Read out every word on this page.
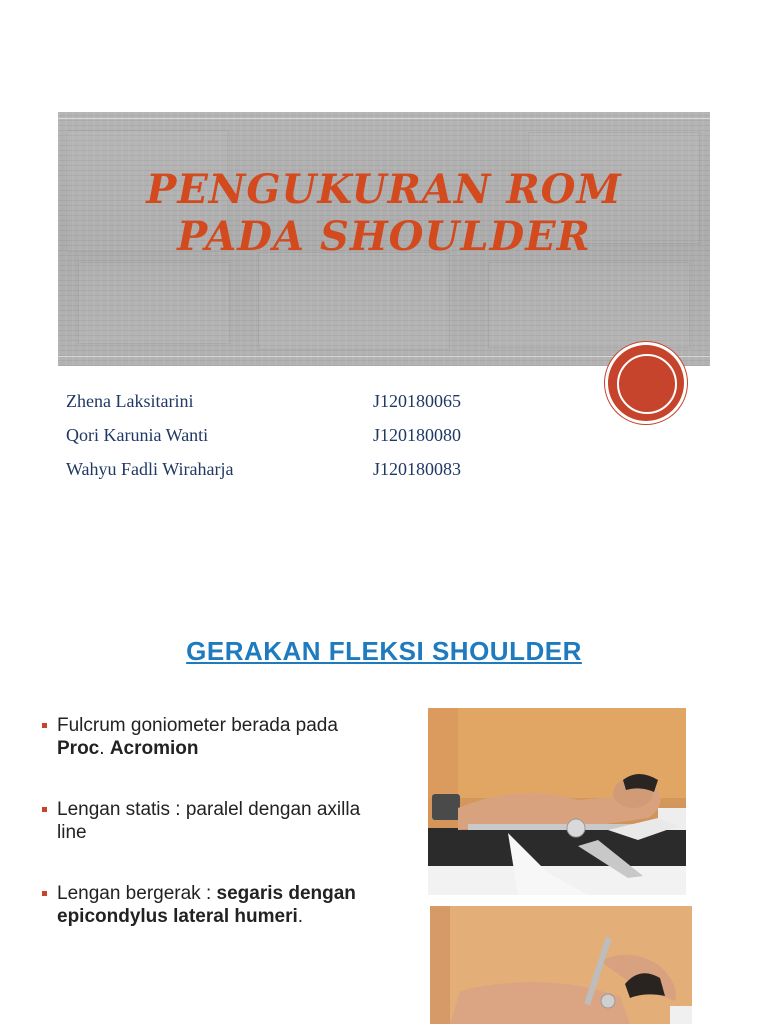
PENGUKURAN ROM
PADA SHOULDER
Zhena Laksitarini	J120180065
Qori Karunia Wanti	J120180080
Wahyu Fadli Wiraharja	J120180083
GERAKAN FLEKSI SHOULDER
Fulcrum goniometer berada pada Proc. Acromion
Lengan statis : paralel dengan axilla line
Lengan bergerak : segaris dengan epicondylus lateral humeri.
